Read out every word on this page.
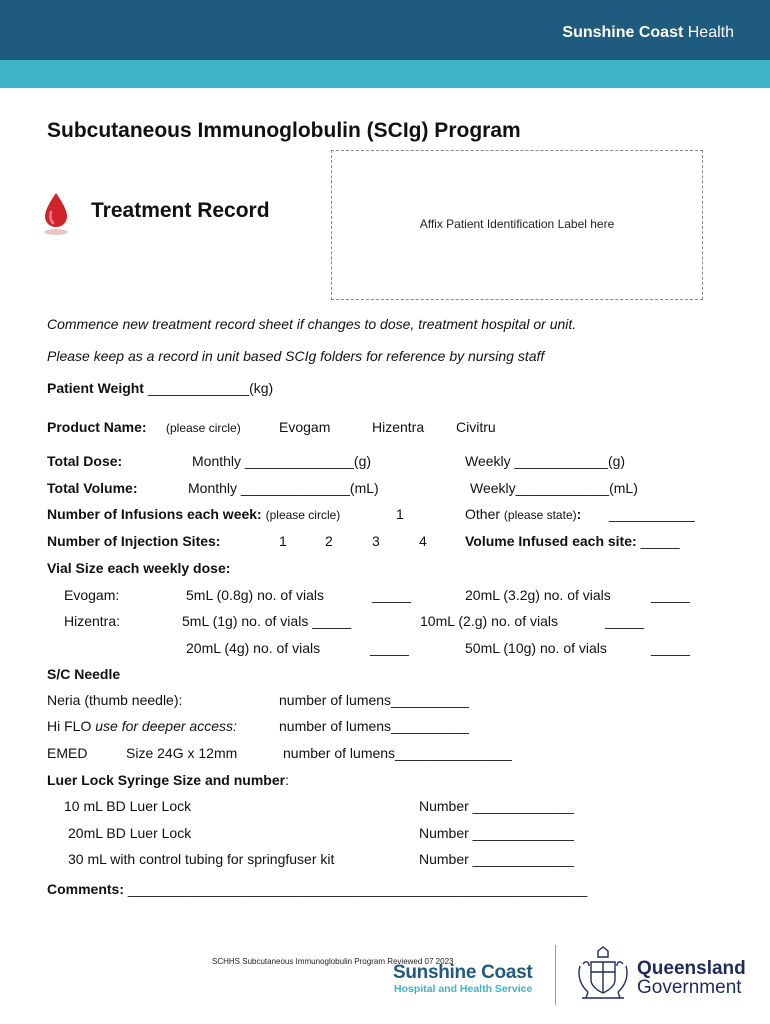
Sunshine Coast Health
Subcutaneous Immunoglobulin (SCIg) Program
Treatment Record
Affix Patient Identification Label here
Commence new treatment record sheet if changes to dose, treatment hospital or unit.
Please keep as a record in unit based SCIg folders for reference by nursing staff
Patient Weight _____________(kg)
Product Name: (please circle)	Evogam	Hizentra Civitru
Total Dose:	Monthly ______________(g)	Weekly ____________(g)
Total Volume:	Monthly ______________(mL)	Weekly____________(mL)
Number of Infusions each week: (please circle)	1	Other (please state): ___________
Number of Injection Sites:	1	2	3	4	Volume Infused each site: _____
Vial Size each weekly dose:
Evogam:	5mL (0.8g) no. of vials	_____	20mL (3.2g) no. of vials	_____
Hizentra:	5mL (1g) no. of vials _____	10mL (2.g) no. of vials	_____
20mL (4g) no. of vials	_____	50mL (10g) no. of vials	_____
S/C Needle
Neria (thumb needle):	number of lumens__________
Hi FLO use for deeper access:	number of lumens__________
EMED	Size 24G x 12mm	number of lumens_______________
Luer Lock Syringe Size and number:
10 mL BD Luer Lock	Number _____________
20mL BD Luer Lock	Number _____________
30 mL with control tubing for springfuser kit	Number _____________
Comments: ___________________________________________________________
SCHHS Subcutaneous Immunoglobulin Program Reviewed 07 2023
Sunshine Coast
Hospital and Health Service
Queensland
Government
